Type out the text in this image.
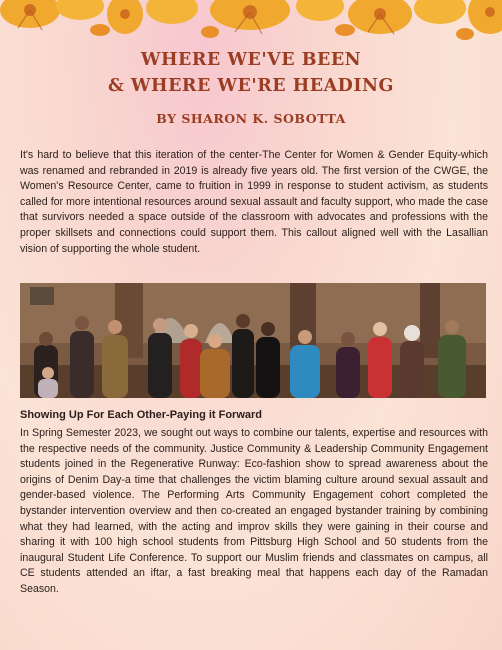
WHERE WE'VE BEEN
& WHERE WE'RE HEADING
BY SHARON K. SOBOTTA

It's hard to believe that this iteration of the center-The Center for Women & Gender Equity-which was renamed and rebranded in 2019 is already five years old. The first version of the CWGE, the Women's Resource Center, came to fruition in 1999 in response to student activism, as students called for more intentional resources around sexual assault and faculty support, who made the case that survivors needed a space outside of the classroom with advocates and professions with the proper skillsets and connections could support them. This callout aligned well with the Lasallian vision of supporting the whole student.

Showing Up For Each Other-Paying it Forward

In Spring Semester 2023, we sought out ways to combine our talents, expertise and resources with the respective needs of the community. Justice Community & Leadership Community Engagement students joined in the Regenerative Runway: Eco-fashion show to spread awareness about the origins of Denim Day-a time that challenges the victim blaming culture around sexual assault and gender-based violence. The Performing Arts Community Engagement cohort completed the bystander intervention overview and then co-created an engaged bystander training by combining what they had learned, with the acting and improv skills they were gaining in their course and sharing it with 100 high school students from Pittsburg High School and 50 students from the inaugural Student Life Conference. To support our Muslim friends and classmates on campus, all CE students attended an iftar, a fast breaking meal that happens each day of the Ramadan Season.
